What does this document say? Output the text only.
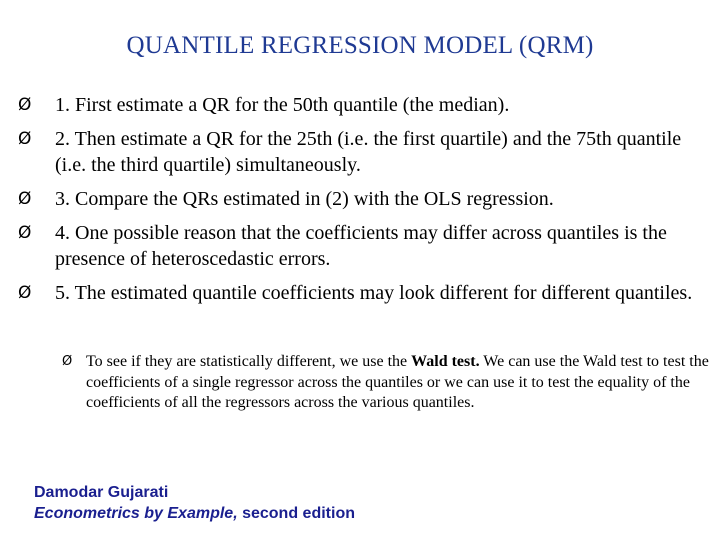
QUANTILE REGRESSION MODEL (QRM)
Ø	1. First estimate a QR for the 50th quantile (the median).
Ø	2. Then estimate a QR for the 25th (i.e. the first quartile) and the 75th quantile (i.e. the third quartile) simultaneously.
Ø	3. Compare the QRs estimated in (2) with the OLS regression.
Ø	4. One possible reason that the coefficients may differ across quantiles is the presence of heteroscedastic errors.
Ø	5. The estimated quantile coefficients may look different for different quantiles.
Ø To see if they are statistically different, we use the Wald test. We can use the Wald test to test the coefficients of a single regressor across the quantiles or we can use it to test the equality of the coefficients of all the regressors across the various quantiles.
Damodar Gujarati
Econometrics by Example, second edition
